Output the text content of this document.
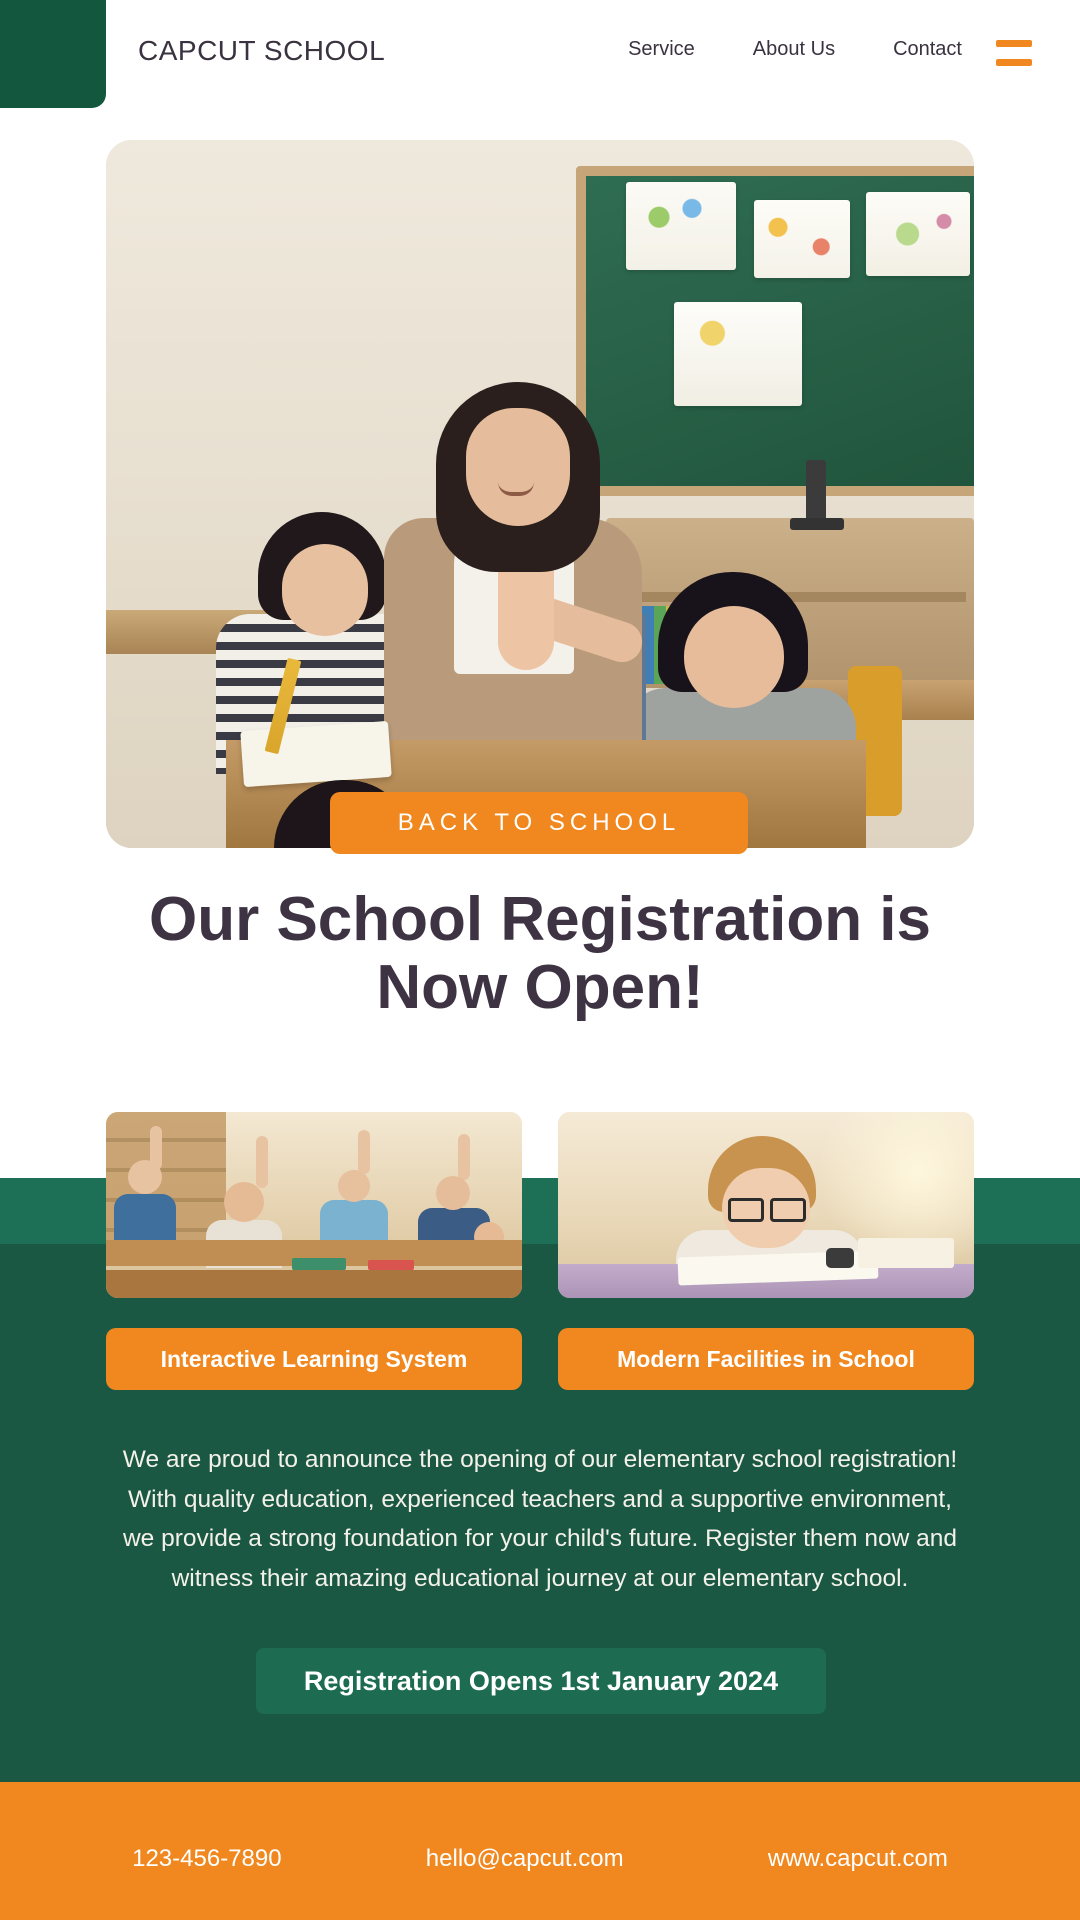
CAPCUT SCHOOL	Service	About Us	Contact
BACK TO SCHOOL
Our School Registration is Now Open!
Interactive Learning System	Modern Facilities in School

We are proud to announce the opening of our elementary school registration! With quality education, experienced teachers and a supportive environment, we provide a strong foundation for your child's future. Register them now and witness their amazing educational journey at our elementary school.

Registration Opens 1st January 2024
123-456-7890	hello@capcut.com	www.capcut.com
